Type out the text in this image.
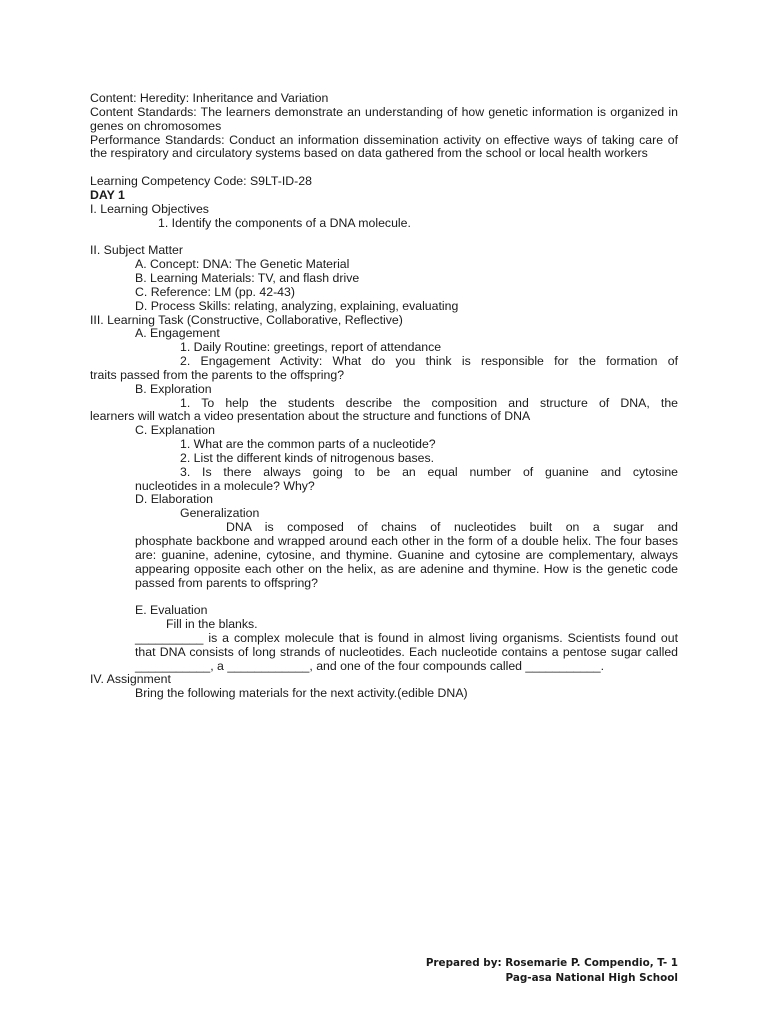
Content: Heredity: Inheritance and Variation
Content Standards: The learners demonstrate an understanding of how genetic information is organized in genes on chromosomes
Performance Standards: Conduct an information dissemination activity on effective ways of taking care of the respiratory and circulatory systems based on data gathered from the school or local health workers
Learning Competency Code: S9LT-ID-28
DAY 1
I. Learning Objectives
1. Identify the components of a DNA molecule.
II. Subject Matter
A. Concept: DNA: The Genetic Material
B. Learning Materials: TV, and flash drive
C. Reference: LM (pp. 42-43)
D. Process Skills: relating, analyzing, explaining, evaluating
III. Learning Task (Constructive, Collaborative, Reflective)
A. Engagement
1. Daily Routine: greetings, report of attendance
2. Engagement Activity: What do you think is responsible for the formation of
traits passed from the parents to the offspring?
B. Exploration
1. To help the students describe the composition and structure of DNA, the
learners will watch a video presentation about the structure and functions of DNA
C. Explanation
1. What are the common parts of a nucleotide?
2. List the different kinds of nitrogenous bases.
3. Is there always going to be an equal number of guanine and cytosine
nucleotides in a molecule? Why?
D. Elaboration
Generalization
DNA is composed of chains of nucleotides built on a sugar and
phosphate backbone and wrapped around each other in the form of a double helix. The four bases are: guanine, adenine, cytosine, and thymine. Guanine and cytosine are complementary, always appearing opposite each other on the helix, as are adenine and thymine. How is the genetic code passed from parents to offspring?
E. Evaluation
Fill in the blanks.
__________ is a complex molecule that is found in almost living organisms. Scientists found out that DNA consists of long strands of nucleotides. Each nucleotide contains a pentose sugar called ___________, a ____________, and one of the four compounds called ___________.
IV. Assignment
Bring the following materials for the next activity.(edible DNA)
Prepared by: Rosemarie P. Compendio, T- 1
Pag-asa National High School
